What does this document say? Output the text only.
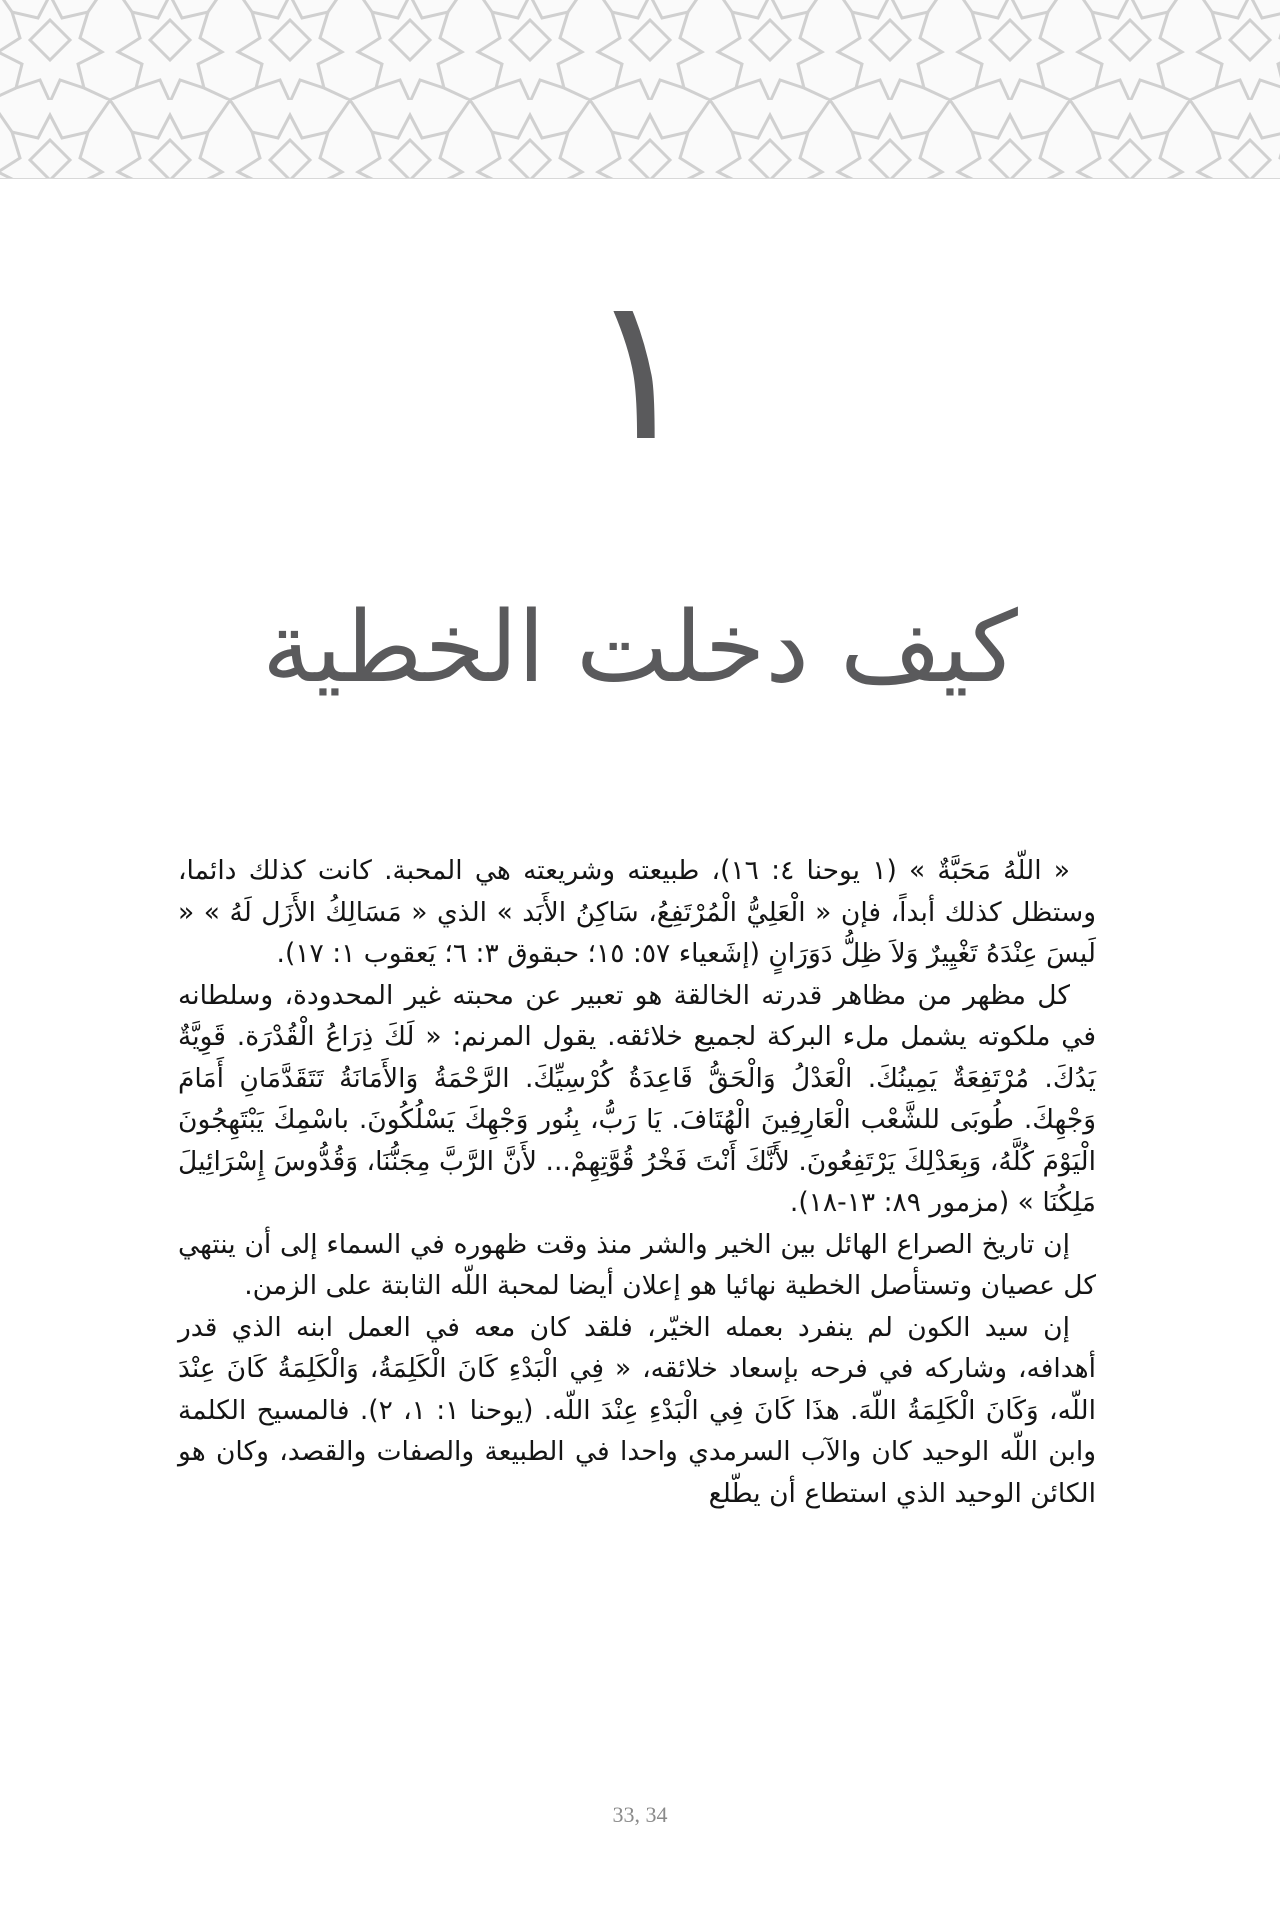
١
كيف دخلت الخطية

« اللّهُ مَحَبَّةٌ » (١ يوحنا ٤: ١٦)، طبيعته وشريعته هي المحبة. كانت كذلك دائما، وستظل كذلك أبداً، فإن « الْعَلِيُّ الْمُرْتَفِعُ، سَاكِنُ الأَبَد » الذي « مَسَالِكُ الأَزَل لَهُ » « لَيسَ عِنْدَهُ تَغْيِيرٌ وَلاَ ظِلُّ دَوَرَانٍ (إشَعياء ٥٧: ١٥؛ حبقوق ٣: ٦؛ يَعقوب ١: ١٧).

كل مظهر من مظاهر قدرته الخالقة هو تعبير عن محبته غير المحدودة، وسلطانه في ملكوته يشمل ملء البركة لجميع خلائقه. يقول المرنم: « لَكَ ذِرَاعُ الْقُدْرَة. قَوِيَّةٌ يَدُكَ. مُرْتَفِعَةٌ يَمِينُكَ. الْعَدْلُ وَالْحَقُّ قَاعِدَةُ كُرْسِيِّكَ. الرَّحْمَةُ وَالأَمَانَةُ تَتَقَدَّمَانِ أَمَامَ وَجْهِكَ. طُوبَى للشَّعْب الْعَارِفِينَ الْهُتَافَ. يَا رَبُّ، بِنُور وَجْهِكَ يَسْلُكُونَ. باسْمِكَ يَبْتَهِجُونَ الْيَوْمَ كُلَّهُ، وَبِعَدْلِكَ يَرْتَفِعُونَ. لأَنَّكَ أَنْتَ فَخْرُ قُوَّتِهِمْ... لأَنَّ الرَّبَّ مِجَنُّنَا، وَقُدُّوسَ إِسْرَائِيلَ مَلِكُنَا » (مزمور ٨٩: ١٣-١٨).

إن تاريخ الصراع الهائل بين الخير والشر منذ وقت ظهوره في السماء إلى أن ينتهي كل عصيان وتستأصل الخطية نهائيا هو إعلان أيضا لمحبة اللّه الثابتة على الزمن.

إن سيد الكون لم ينفرد بعمله الخيّر، فلقد كان معه في العمل ابنه الذي قدر أهدافه، وشاركه في فرحه بإسعاد خلائقه، « فِي الْبَدْءِ كَانَ الْكَلِمَةُ، وَالْكَلِمَةُ كَانَ عِنْدَ اللّه، وَكَانَ الْكَلِمَةُ اللّهَ. هذَا كَانَ فِي الْبَدْءِ عِنْدَ اللّه. (يوحنا ١: ١، ٢). فالمسيح الكلمة وابن اللّه الوحيد كان والآب السرمدي واحدا في الطبيعة والصفات والقصد، وكان هو الكائن الوحيد الذي استطاع أن يطّلع

33, 34
